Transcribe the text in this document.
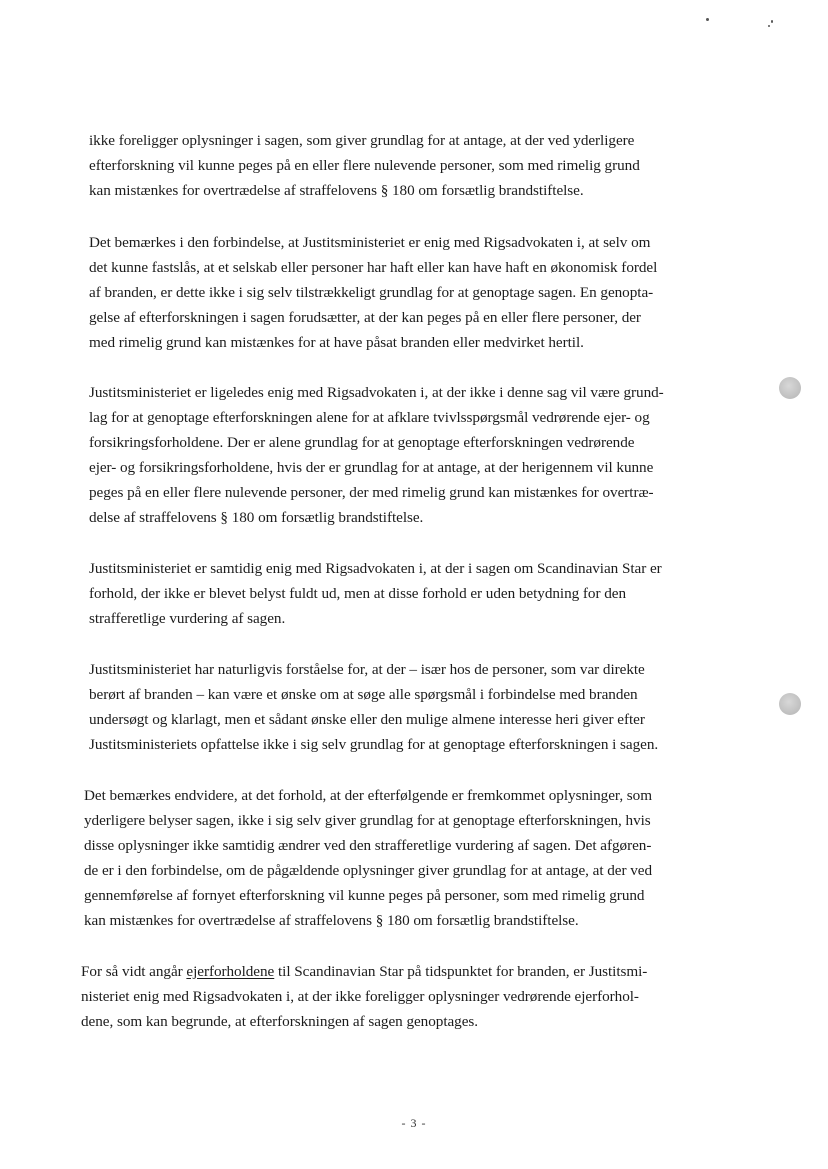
ikke foreligger oplysninger i sagen, som giver grundlag for at antage, at der ved yderligere
efterforskning vil kunne peges på en eller flere nulevende personer, som med rimelig grund
kan mistænkes for overtrædelse af straffelovens § 180 om forsætlig brandstiftelse.
Det bemærkes i den forbindelse, at Justitsministeriet er enig med Rigsadvokaten i, at selv om
det kunne fastslås, at et selskab eller personer har haft eller kan have haft en økonomisk fordel
af branden, er dette ikke i sig selv tilstrækkeligt grundlag for at genoptage sagen. En genopta-
gelse af efterforskningen i sagen forudsætter, at der kan peges på en eller flere personer, der
med rimelig grund kan mistænkes for at have påsat branden eller medvirket hertil.
Justitsministeriet er ligeledes enig med Rigsadvokaten i, at der ikke i denne sag vil være grund-
lag for at genoptage efterforskningen alene for at afklare tvivlsspørgsmål vedrørende ejer- og
forsikringsforholdene. Der er alene grundlag for at genoptage efterforskningen vedrørende
ejer- og forsikringsforholdene, hvis der er grundlag for at antage, at der herigennem vil kunne
peges på en eller flere nulevende personer, der med rimelig grund kan mistænkes for overtræ-
delse af straffelovens § 180 om forsætlig brandstiftelse.
Justitsministeriet er samtidig enig med Rigsadvokaten i, at der i sagen om Scandinavian Star er
forhold, der ikke er blevet belyst fuldt ud, men at disse forhold er uden betydning for den
strafferetlige vurdering af sagen.
Justitsministeriet har naturligvis forståelse for, at der – især hos de personer, som var direkte
berørt af branden – kan være et ønske om at søge alle spørgsmål i forbindelse med branden
undersøgt og klarlagt, men et sådant ønske eller den mulige almene interesse heri giver efter
Justitsministeriets opfattelse ikke i sig selv grundlag for at genoptage efterforskningen i sagen.
Det bemærkes endvidere, at det forhold, at der efterfølgende er fremkommet oplysninger, som
yderligere belyser sagen, ikke i sig selv giver grundlag for at genoptage efterforskningen, hvis
disse oplysninger ikke samtidig ændrer ved den strafferetlige vurdering af sagen. Det afgøren-
de er i den forbindelse, om de pågældende oplysninger giver grundlag for at antage, at der ved
gennemførelse af fornyet efterforskning vil kunne peges på personer, som med rimelig grund
kan mistænkes for overtrædelse af straffelovens § 180 om forsætlig brandstiftelse.
For så vidt angår ejerforholdene til Scandinavian Star på tidspunktet for branden, er Justitsmi-
nisteriet enig med Rigsadvokaten i, at der ikke foreligger oplysninger vedrørende ejerforhol-
dene, som kan begrunde, at efterforskningen af sagen genoptages.
- 3 -
